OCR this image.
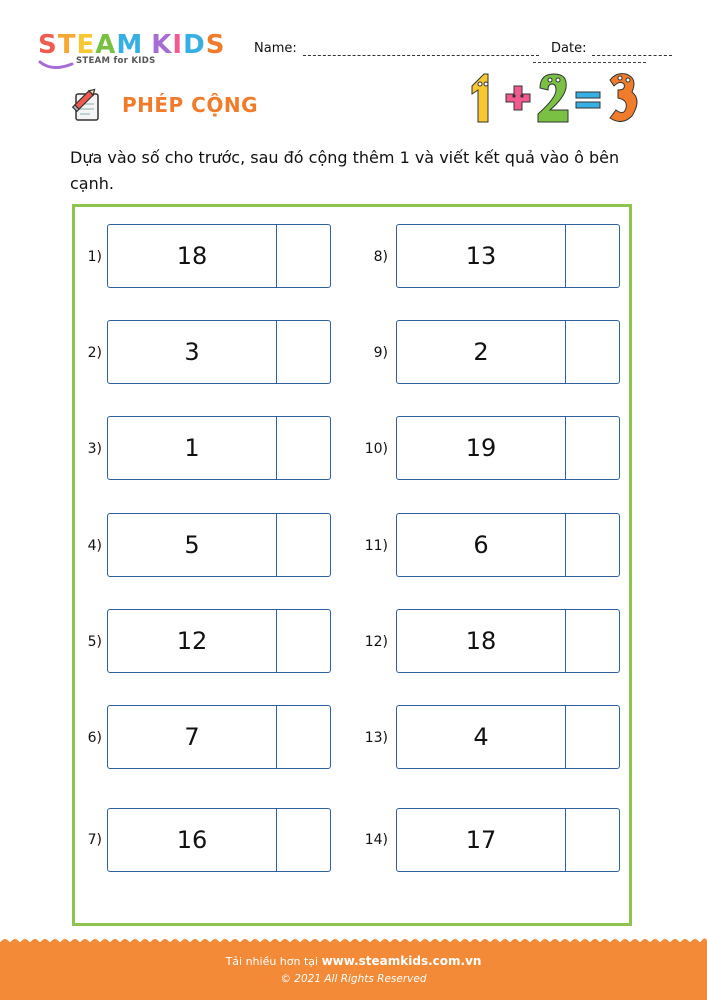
STEAM KIDS
STEAM for KIDS
Name:	Date:
PHÉP CỘNG
Dựa vào số cho trước, sau đó cộng thêm 1 và viết kết quả vào ô bên cạnh.
1)	18
2)	3
3)	1
4)	5
5)	12
6)	7
7)	16
8)	13
9)	2
10)	19
11)	6
12)	18
13)	4
14)	17
Tải nhiều hơn tại www.steamkids.com.vn
© 2021 All Rights Reserved
